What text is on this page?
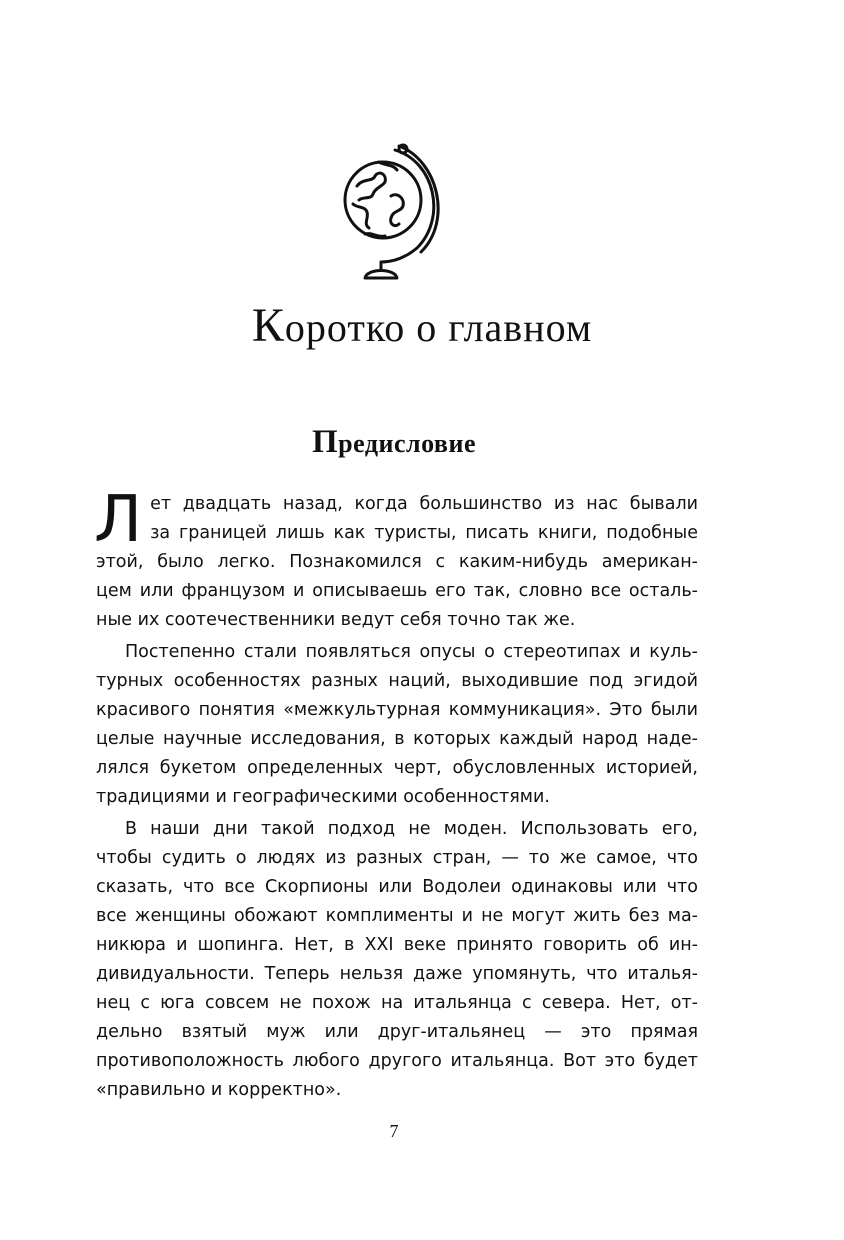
Коротко о главном
Предисловие

Л ет двадцать назад, когда большинство из нас бывали
за границей лишь как туристы, писать книги, подобные
этой, было легко. Познакомился с каким-нибудь американ-
цем или французом и описываешь его так, словно все осталь-
ные их соотечественники ведут себя точно так же.

Постепенно стали появляться опусы о стереотипах и куль-
турных особенностях разных наций, выходившие под эгидой
красивого понятия «межкультурная коммуникация». Это были
целые научные исследования, в которых каждый народ наде-
лялся букетом определенных черт, обусловленных историей,
традициями и географическими особенностями.

В наши дни такой подход не моден. Использовать его,
чтобы судить о людях из разных стран, — то же самое, что
сказать, что все Скорпионы или Водолеи одинаковы или что
все женщины обожают комплименты и не могут жить без ма-
никюра и шопинга. Нет, в XXI веке принято говорить об ин-
дивидуальности. Теперь нельзя даже упомянуть, что италья-
нец с юга совсем не похож на итальянца с севера. Нет, от-
дельно взятый муж или друг-итальянец — это прямая
противоположность любого другого итальянца. Вот это будет
«правильно и корректно».

7
